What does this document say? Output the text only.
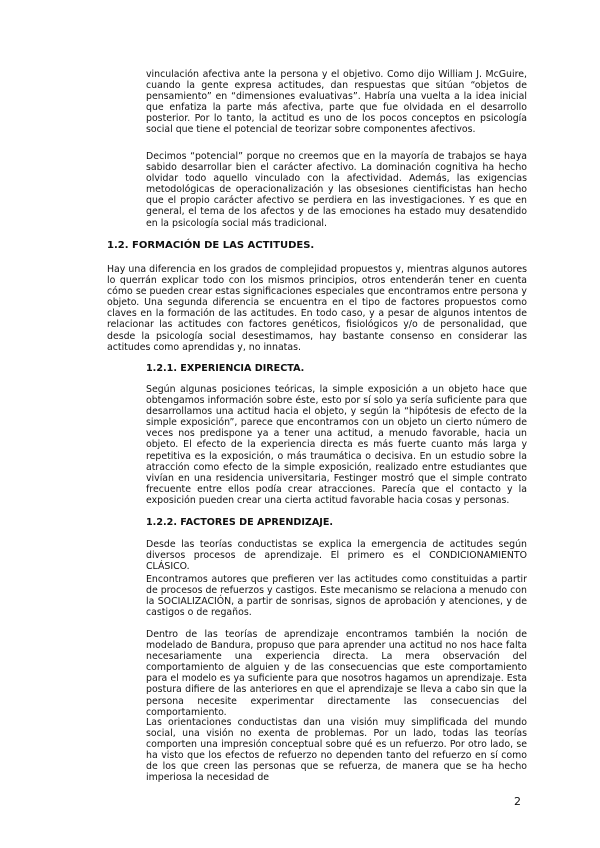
vinculación afectiva ante la persona y el objetivo. Como dijo William J. McGuire, cuando la gente expresa actitudes, dan respuestas que sitúan “objetos de pensamiento” en “dimensiones evaluativas”. Habría una vuelta a la idea inicial que enfatiza la parte más afectiva, parte que fue olvidada en el desarrollo posterior. Por lo tanto, la actitud es uno de los pocos conceptos en psicología social que tiene el potencial de teorizar sobre componentes afectivos.

Decimos “potencial” porque no creemos que en la mayoría de trabajos se haya sabido desarrollar bien el carácter afectivo. La dominación cognitiva ha hecho olvidar todo aquello vinculado con la afectividad. Además, las exigencias metodológicas de operacionalización y las obsesiones cientificistas han hecho que el propio carácter afectivo se perdiera en las investigaciones. Y es que en general, el tema de los afectos y de las emociones ha estado muy desatendido en la psicología social más tradicional.

1.2. FORMACIÓN DE LAS ACTITUDES.

Hay una diferencia en los grados de complejidad propuestos y, mientras algunos autores lo querrán explicar todo con los mismos principios, otros entenderán tener en cuenta cómo se pueden crear estas significaciones especiales que encontramos entre persona y objeto. Una segunda diferencia se encuentra en el tipo de factores propuestos como claves en la formación de las actitudes. En todo caso, y a pesar de algunos intentos de relacionar las actitudes con factores genéticos, fisiológicos y/o de personalidad, que desde la psicología social desestimamos, hay bastante consenso en considerar las actitudes como aprendidas y, no innatas.

1.2.1. EXPERIENCIA DIRECTA.

Según algunas posiciones teóricas, la simple exposición a un objeto hace que obtengamos información sobre éste, esto por sí solo ya sería suficiente para que desarrollamos una actitud hacia el objeto, y según la “hipótesis de efecto de la simple exposición”, parece que encontramos con un objeto un cierto número de veces nos predispone ya a tener una actitud, a menudo favorable, hacia un objeto. El efecto de la experiencia directa es más fuerte cuanto más larga y repetitiva es la exposición, o más traumática o decisiva. En un estudio sobre la atracción como efecto de la simple exposición, realizado entre estudiantes que vivían en una residencia universitaria, Festinger mostró que el simple contrato frecuente entre ellos podía crear atracciones. Parecía que el contacto y la exposición pueden crear una cierta actitud favorable hacia cosas y personas.

1.2.2. FACTORES DE APRENDIZAJE.

Desde las teorías conductistas se explica la emergencia de actitudes según diversos procesos de aprendizaje. El primero es el CONDICIONAMIENTO CLÁSICO.

Encontramos autores que prefieren ver las actitudes como constituidas a partir de procesos de refuerzos y castigos. Este mecanismo se relaciona a menudo con la SOCIALIZACIÓN, a partir de sonrisas, signos de aprobación y atenciones, y de castigos o de regaños.

Dentro de las teorías de aprendizaje encontramos también la noción de modelado de Bandura, propuso que para aprender una actitud no nos hace falta necesariamente una experiencia directa. La mera observación del comportamiento de alguien y de las consecuencias que este comportamiento para el modelo es ya suficiente para que nosotros hagamos un aprendizaje. Esta postura difiere de las anteriores en que el aprendizaje se lleva a cabo sin que la persona necesite experimentar directamente las consecuencias del comportamiento.

Las orientaciones conductistas dan una visión muy simplificada del mundo social, una visión no exenta de problemas. Por un lado, todas las teorías comporten una impresión conceptual sobre qué es un refuerzo. Por otro lado, se ha visto que los efectos de refuerzo no dependen tanto del refuerzo en sí como de los que creen las personas que se refuerza, de manera que se ha hecho imperiosa la necesidad de

2
